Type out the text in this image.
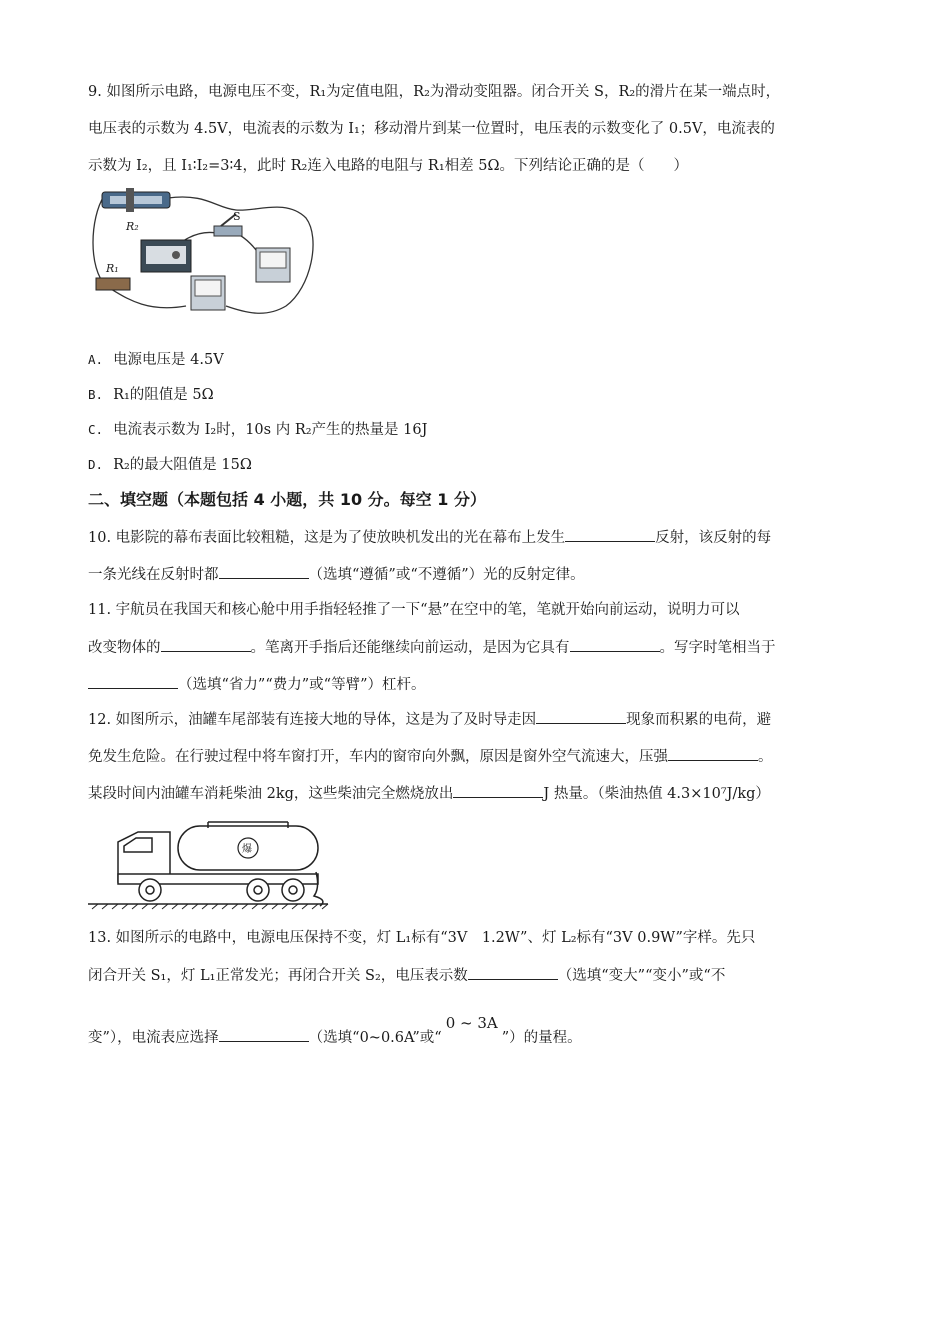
9. 如图所示电路，电源电压不变，R₁为定值电阻，R₂为滑动变阻器。闭合开关 S，R₂的滑片在某一端点时，
电压表的示数为 4.5V，电流表的示数为 I₁；移动滑片到某一位置时，电压表的示数变化了 0.5V，电流表的
示数为 I₂，且 I₁∶I₂=3∶4，此时 R₂连入电路的电阻与 R₁相差 5Ω。下列结论正确的是（　　）
R₂
S
R₁
A. 电源电压是 4.5V
B. R₁的阻值是 5Ω
C. 电流表示数为 I₂时，10s 内 R₂产生的热量是 16J
D. R₂的最大阻值是 15Ω
二、填空题（本题包括 4 小题，共 10 分。每空 1 分）
10. 电影院的幕布表面比较粗糙，这是为了使放映机发出的光在幕布上发生	反射，该反射的每
一条光线在反射时都	（选填“遵循”或“不遵循”）光的反射定律。
11. 宇航员在我国天和核心舱中用手指轻轻推了一下“悬”在空中的笔，笔就开始向前运动，说明力可以
改变物体的	。笔离开手指后还能继续向前运动，是因为它具有	。写字时笔相当于
（选填“省力”“费力”或“等臂”）杠杆。
12. 如图所示，油罐车尾部装有连接大地的导体，这是为了及时导走因	现象而积累的电荷，避
免发生危险。在行驶过程中将车窗打开，车内的窗帘向外飘，原因是窗外空气流速大，压强	。
某段时间内油罐车消耗柴油 2kg，这些柴油完全燃烧放出	J 热量。（柴油热值 4.3×10⁷J/kg）
爆
13. 如图所示的电路中，电源电压保持不变，灯 L₁标有“3V　1.2W”、灯 L₂标有“3V 0.9W”字样。先只
闭合开关 S₁，灯 L₁正常发光；再闭合开关 S₂，电压表示数	（选填“变大”“变小”或“不
变”），电流表应选择	（选填“0~0.6A”或“0 ~ 3A”）的量程。
